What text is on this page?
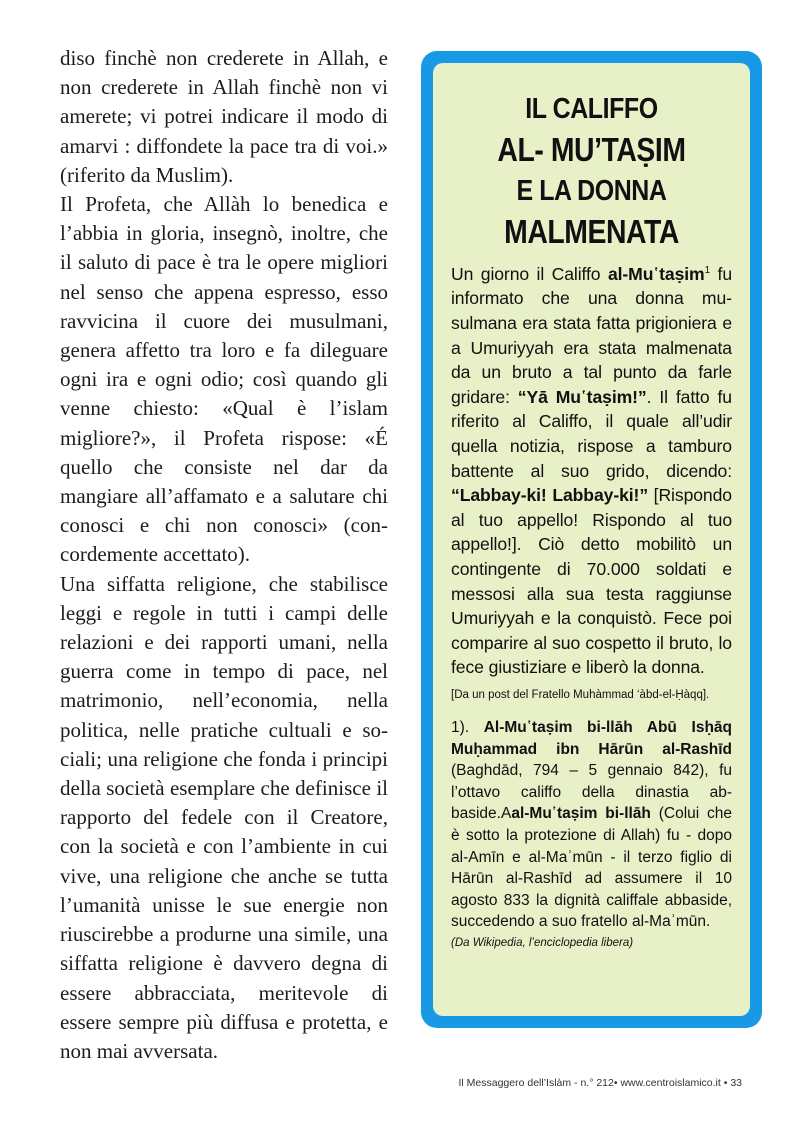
diso finchè non crederete in Allah, e non crederete in Allah finchè non vi amerete; vi potrei indicare il modo di amarvi : diffondete la pace tra di voi.» (riferito da Muslim).

Il Profeta, che Allàh lo benedica e l’abbia in gloria, insegnò, inoltre, che il saluto di pace è tra le opere migliori nel senso che appena espresso, esso ravvicina il cuore dei musulmani, genera affetto tra loro e fa dileguare ogni ira e ogni odio; così quando gli venne chiesto: «Qual è l’islam migliore?», il Profeta rispose: «É quello che consiste nel dar da mangiare all’affamato e a salutare chi conosci e chi non conosci» (concordemente accettato).

Una siffatta religione, che stabilisce leggi e regole in tutti i campi delle relazioni e dei rapporti umani, nella guerra come in tempo di pace, nel matrimonio, nell’economia, nella politica, nelle pratiche cultuali e sociali; una religione che fonda i principi della società esemplare che definisce il rapporto del fedele con il Creatore, con la società e con l’ambiente in cui vive, una religione che anche se tutta l’umanità unisse le sue energie non riuscirebbe a produrne una simile, una siffatta religione è davvero degna di essere abbracciata, meritevole di essere sempre più diffusa e protetta, e non mai avversata.

IL CALIFFO
AL- MU’TAṢIM
E LA DONNA
MALMENATA

Un giorno il Califfo al-Mu῾taṣim$^1$ fu informato che una donna musulmana era stata fatta prigioniera e a Umuriyyah era stata malmenata da un bruto a tal punto da farle gridare: “Yā Mu῾taṣim!”. Il fatto fu riferito al Califfo, il quale all’udir quella notizia, rispose a tamburo battente al suo grido, dicendo: “Labbay-ki! Labbay-ki!” [Rispondo al tuo appello! Rispondo al tuo appello!]. Ciò detto mobilitò un contingente di 70.000 soldati e messosi alla sua testa raggiunse Umuriyyah e la conquistò. Fece poi comparire al suo cospetto il bruto, lo fece giustiziare e liberò la donna.

[Da un post del Fratello Muhàmmad ‘àbd-el-Ḥàqq].

1). Al-Mu῾taṣim bi-llāh Abū Isḥāq Muḥammad ibn Hārūn al-Rashīd (Baghdād, 794 – 5 gennaio 842), fu l’ottavo califfo della dinastia abbaside.Aal-Mu῾taṣim bi-llāh (Colui che è sotto la protezione di Allah) fu - dopo al-Amīn e al-Maʾmūn - il terzo figlio di Hārūn al-Rashīd ad assumere il 10 agosto 833 la dignità califfale abbaside, succedendo a suo fratello al-Maʾmūn.

(Da Wikipedia, l’enciclopedia libera)
Il Messaggero dell’Islàm - n.° 212• www.centroislamico.it • 33
